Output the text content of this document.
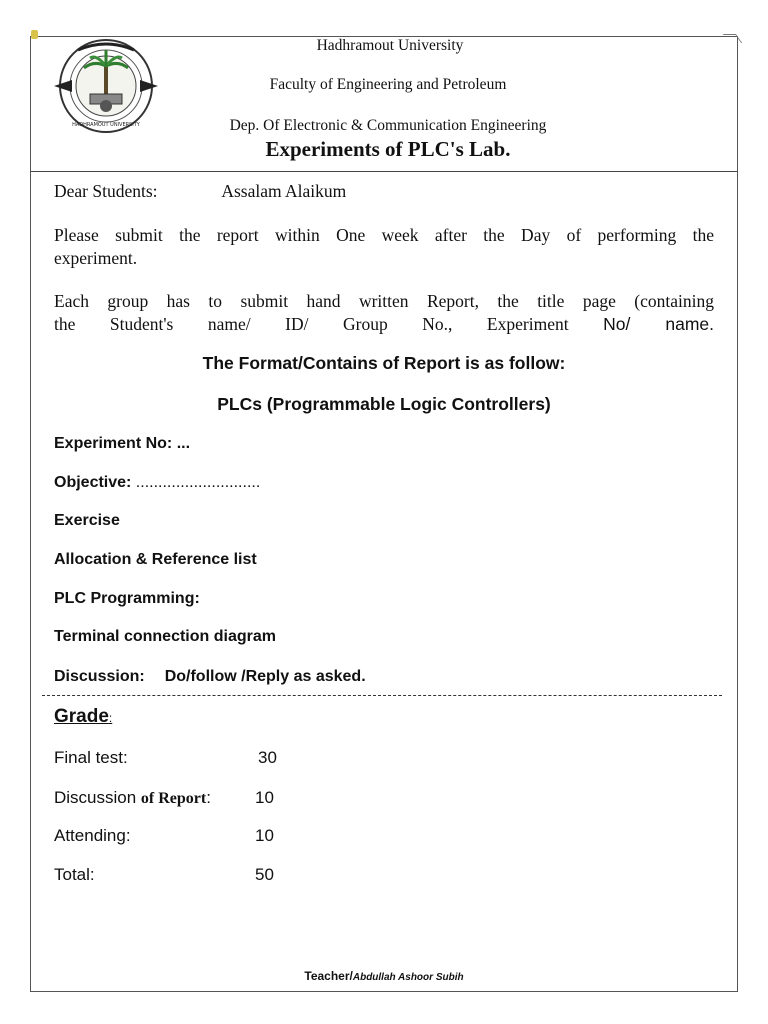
HADHRAMOUT UNIVERSITY
Hadhramout University
Faculty of Engineering and Petroleum
Dep. Of Electronic & Communication Engineering
Experiments of PLC's Lab.
Dear Students:	Assalam Alaikum
Please submit the report within One week after the Day of performing the
experiment.
Each group has to submit hand written Report, the title page (containing
the Student's name/ ID/ Group No., Experiment No/ name.
The Format/Contains of Report is as follow:
PLCs (Programmable Logic Controllers)
Experiment No: ...
Objective: ............................
Exercise
Allocation & Reference list
PLC Programming:
Terminal connection diagram
Discussion: Do/follow /Reply as asked.
Grade:
Final test:	30
Discussion of Report:	10
Attending:	10
Total:	50
Teacher/Abdullah Ashoor Subih
